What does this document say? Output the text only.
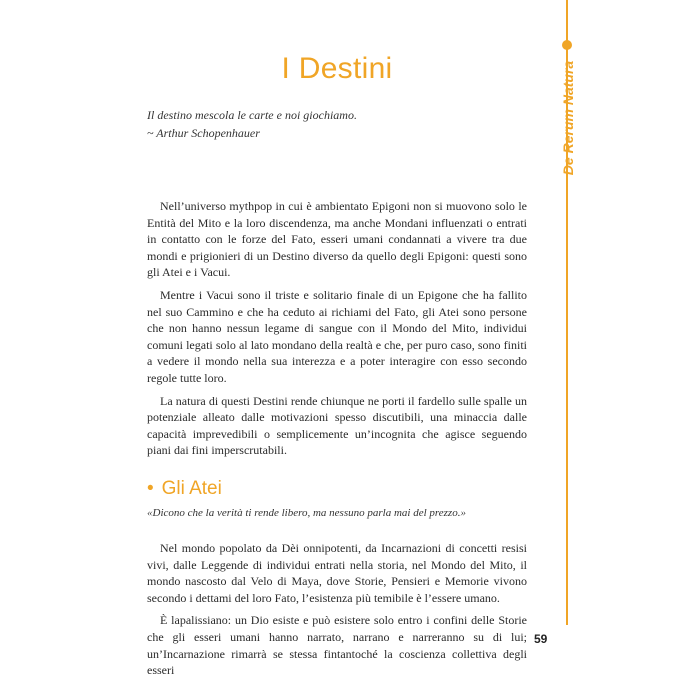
De Rerum Natura
I Destini
Il destino mescola le carte e noi giochiamo.
~ Arthur Schopenhauer

Nell’universo mythpop in cui è ambientato Epigoni non si muovono solo le Entità del Mito e la loro discendenza, ma anche Mondani influenzati o entrati in contatto con le forze del Fato, esseri umani condannati a vivere tra due mondi e prigionieri di un Destino diverso da quello degli Epigoni: questi sono gli Atei e i Vacui.

Mentre i Vacui sono il triste e solitario finale di un Epigone che ha fallito nel suo Cammino e che ha ceduto ai richiami del Fato, gli Atei sono persone che non hanno nessun legame di sangue con il Mondo del Mito, individui comuni legati solo al lato mondano della realtà e che, per puro caso, sono finiti a vedere il mondo nella sua interezza e a poter interagire con esso secondo regole tutte loro.

La natura di questi Destini rende chiunque ne porti il fardello sulle spalle un potenziale alleato dalle motivazioni spesso discutibili, una minaccia dalle capacità imprevedibili o semplicemente un’incognita che agisce seguendo piani dai fini imperscrutabili.

• Gli Atei
«Dicono che la verità ti rende libero, ma nessuno parla mai del prezzo.»

Nel mondo popolato da Dèi onnipotenti, da Incarnazioni di concetti resisi vivi, dalle Leggende di individui entrati nella storia, nel Mondo del Mito, il mondo nascosto dal Velo di Maya, dove Storie, Pensieri e Memorie vivono secondo i dettami del loro Fato, l’esistenza più temibile è l’essere umano.

È lapalissiano: un Dio esiste e può esistere solo entro i confini delle Storie che gli esseri umani hanno narrato, narrano e narreranno su di lui; un’Incarnazione rimarrà se stessa fintantoché la coscienza collettiva degli esseri

59
